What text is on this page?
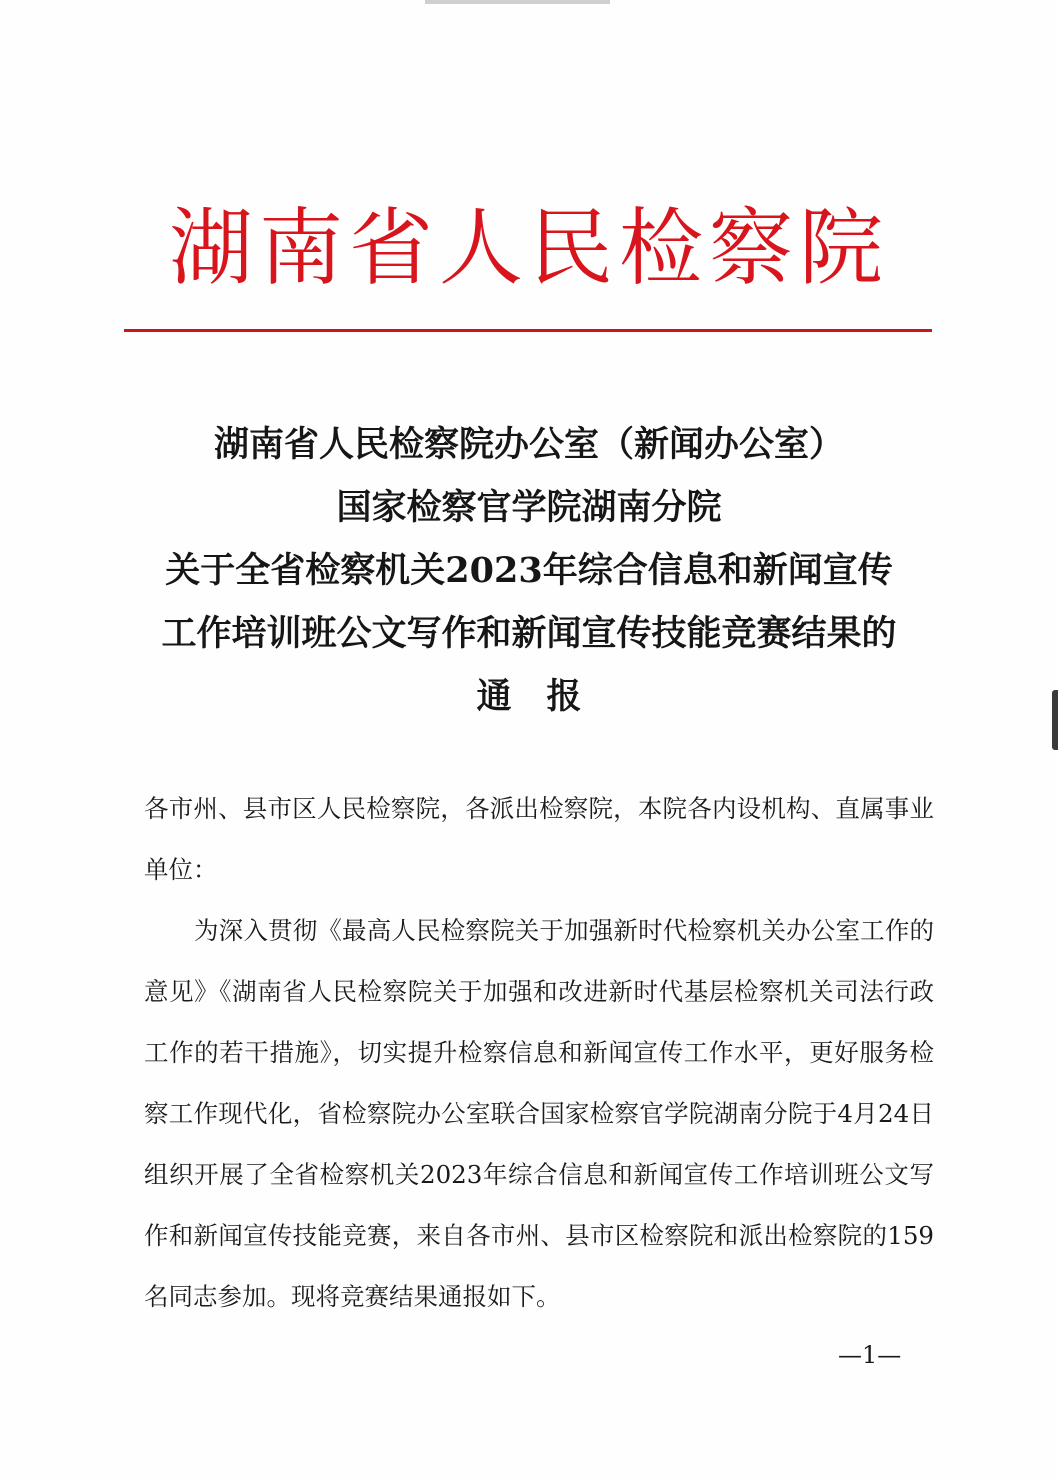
湖南省人民检察院
湖南省人民检察院办公室（新闻办公室）
国家检察官学院湖南分院
关于全省检察机关2023年综合信息和新闻宣传
工作培训班公文写作和新闻宣传技能竞赛结果的
通　报

各市州、县市区人民检察院，各派出检察院，本院各内设机构、直属事业单位：

为深入贯彻《最高人民检察院关于加强新时代检察机关办公室工作的意见》《湖南省人民检察院关于加强和改进新时代基层检察机关司法行政工作的若干措施》，切实提升检察信息和新闻宣传工作水平，更好服务检察工作现代化，省检察院办公室联合国家检察官学院湖南分院于4月24日组织开展了全省检察机关2023年综合信息和新闻宣传工作培训班公文写作和新闻宣传技能竞赛，来自各市州、县市区检察院和派出检察院的159名同志参加。现将竞赛结果通报如下。

—1—
